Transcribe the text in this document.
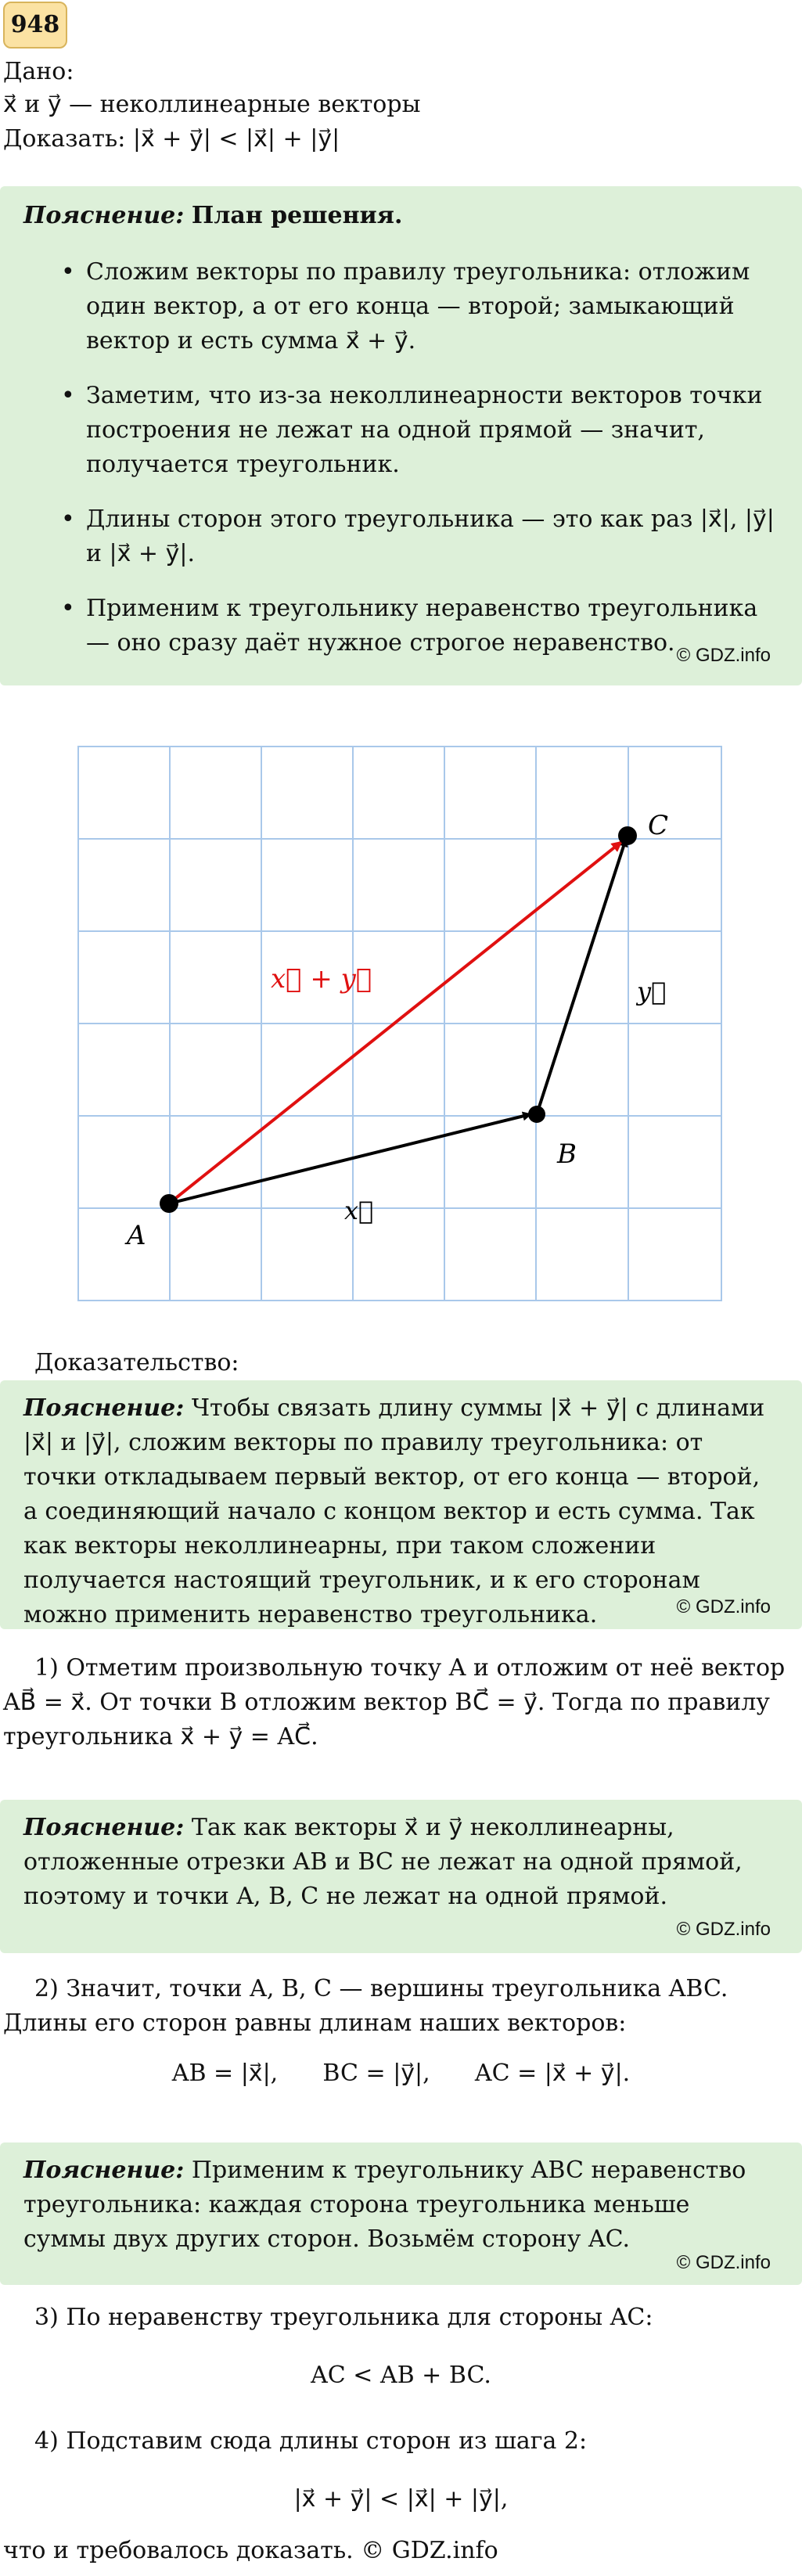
948
Дано:
x⃗ и y⃗ — неколлинеарные векторы
Доказать: |x⃗ + y⃗| < |x⃗| + |y⃗|
Пояснение: План решения.
• Сложим векторы по правилу треугольника: отложим один вектор, а от его конца — второй; замыкающий вектор и есть сумма x⃗ + y⃗.
• Заметим, что из-за неколлинеарности векторов точки построения не лежат на одной прямой — значит, получается треугольник.
• Длины сторон этого треугольника — это как раз |x⃗|, |y⃗| и |x⃗ + y⃗|.
• Применим к треугольнику неравенство треугольника — оно сразу даёт нужное строгое неравенство. © GDZ.info
A
B
C
x⃗
y⃗
x⃗ + y⃗
Доказательство:
Пояснение: Чтобы связать длину суммы |x⃗ + y⃗| с длинами |x⃗| и |y⃗|, сложим векторы по правилу треугольника: от точки откладываем первый вектор, от его конца — второй, а соединяющий начало с концом вектор и есть сумма. Так как векторы неколлинеарны, при таком сложении получается настоящий треугольник, и к его сторонам можно применить неравенство треугольника.	© GDZ.info
1) Отметим произвольную точку A и отложим от неё вектор AB⃗ = x⃗. От точки B отложим вектор BC⃗ = y⃗. Тогда по правилу треугольника x⃗ + y⃗ = AC⃗.
Пояснение: Так как векторы x⃗ и y⃗ неколлинеарны, отложенные отрезки AB и BC не лежат на одной прямой, поэтому и точки A, B, C не лежат на одной прямой.
© GDZ.info
2) Значит, точки A, B, C — вершины треугольника ABC. Длины его сторон равны длинам наших векторов:
AB = |x⃗|,      BC = |y⃗|,      AC = |x⃗ + y⃗|.
Пояснение: Применим к треугольнику ABC неравенство треугольника: каждая сторона треугольника меньше суммы двух других сторон. Возьмём сторону AC.
© GDZ.info
3) По неравенству треугольника для стороны AC:
AC < AB + BC.
4) Подставим сюда длины сторон из шага 2:
|x⃗ + y⃗| < |x⃗| + |y⃗|,
что и требовалось доказать. © GDZ.info
